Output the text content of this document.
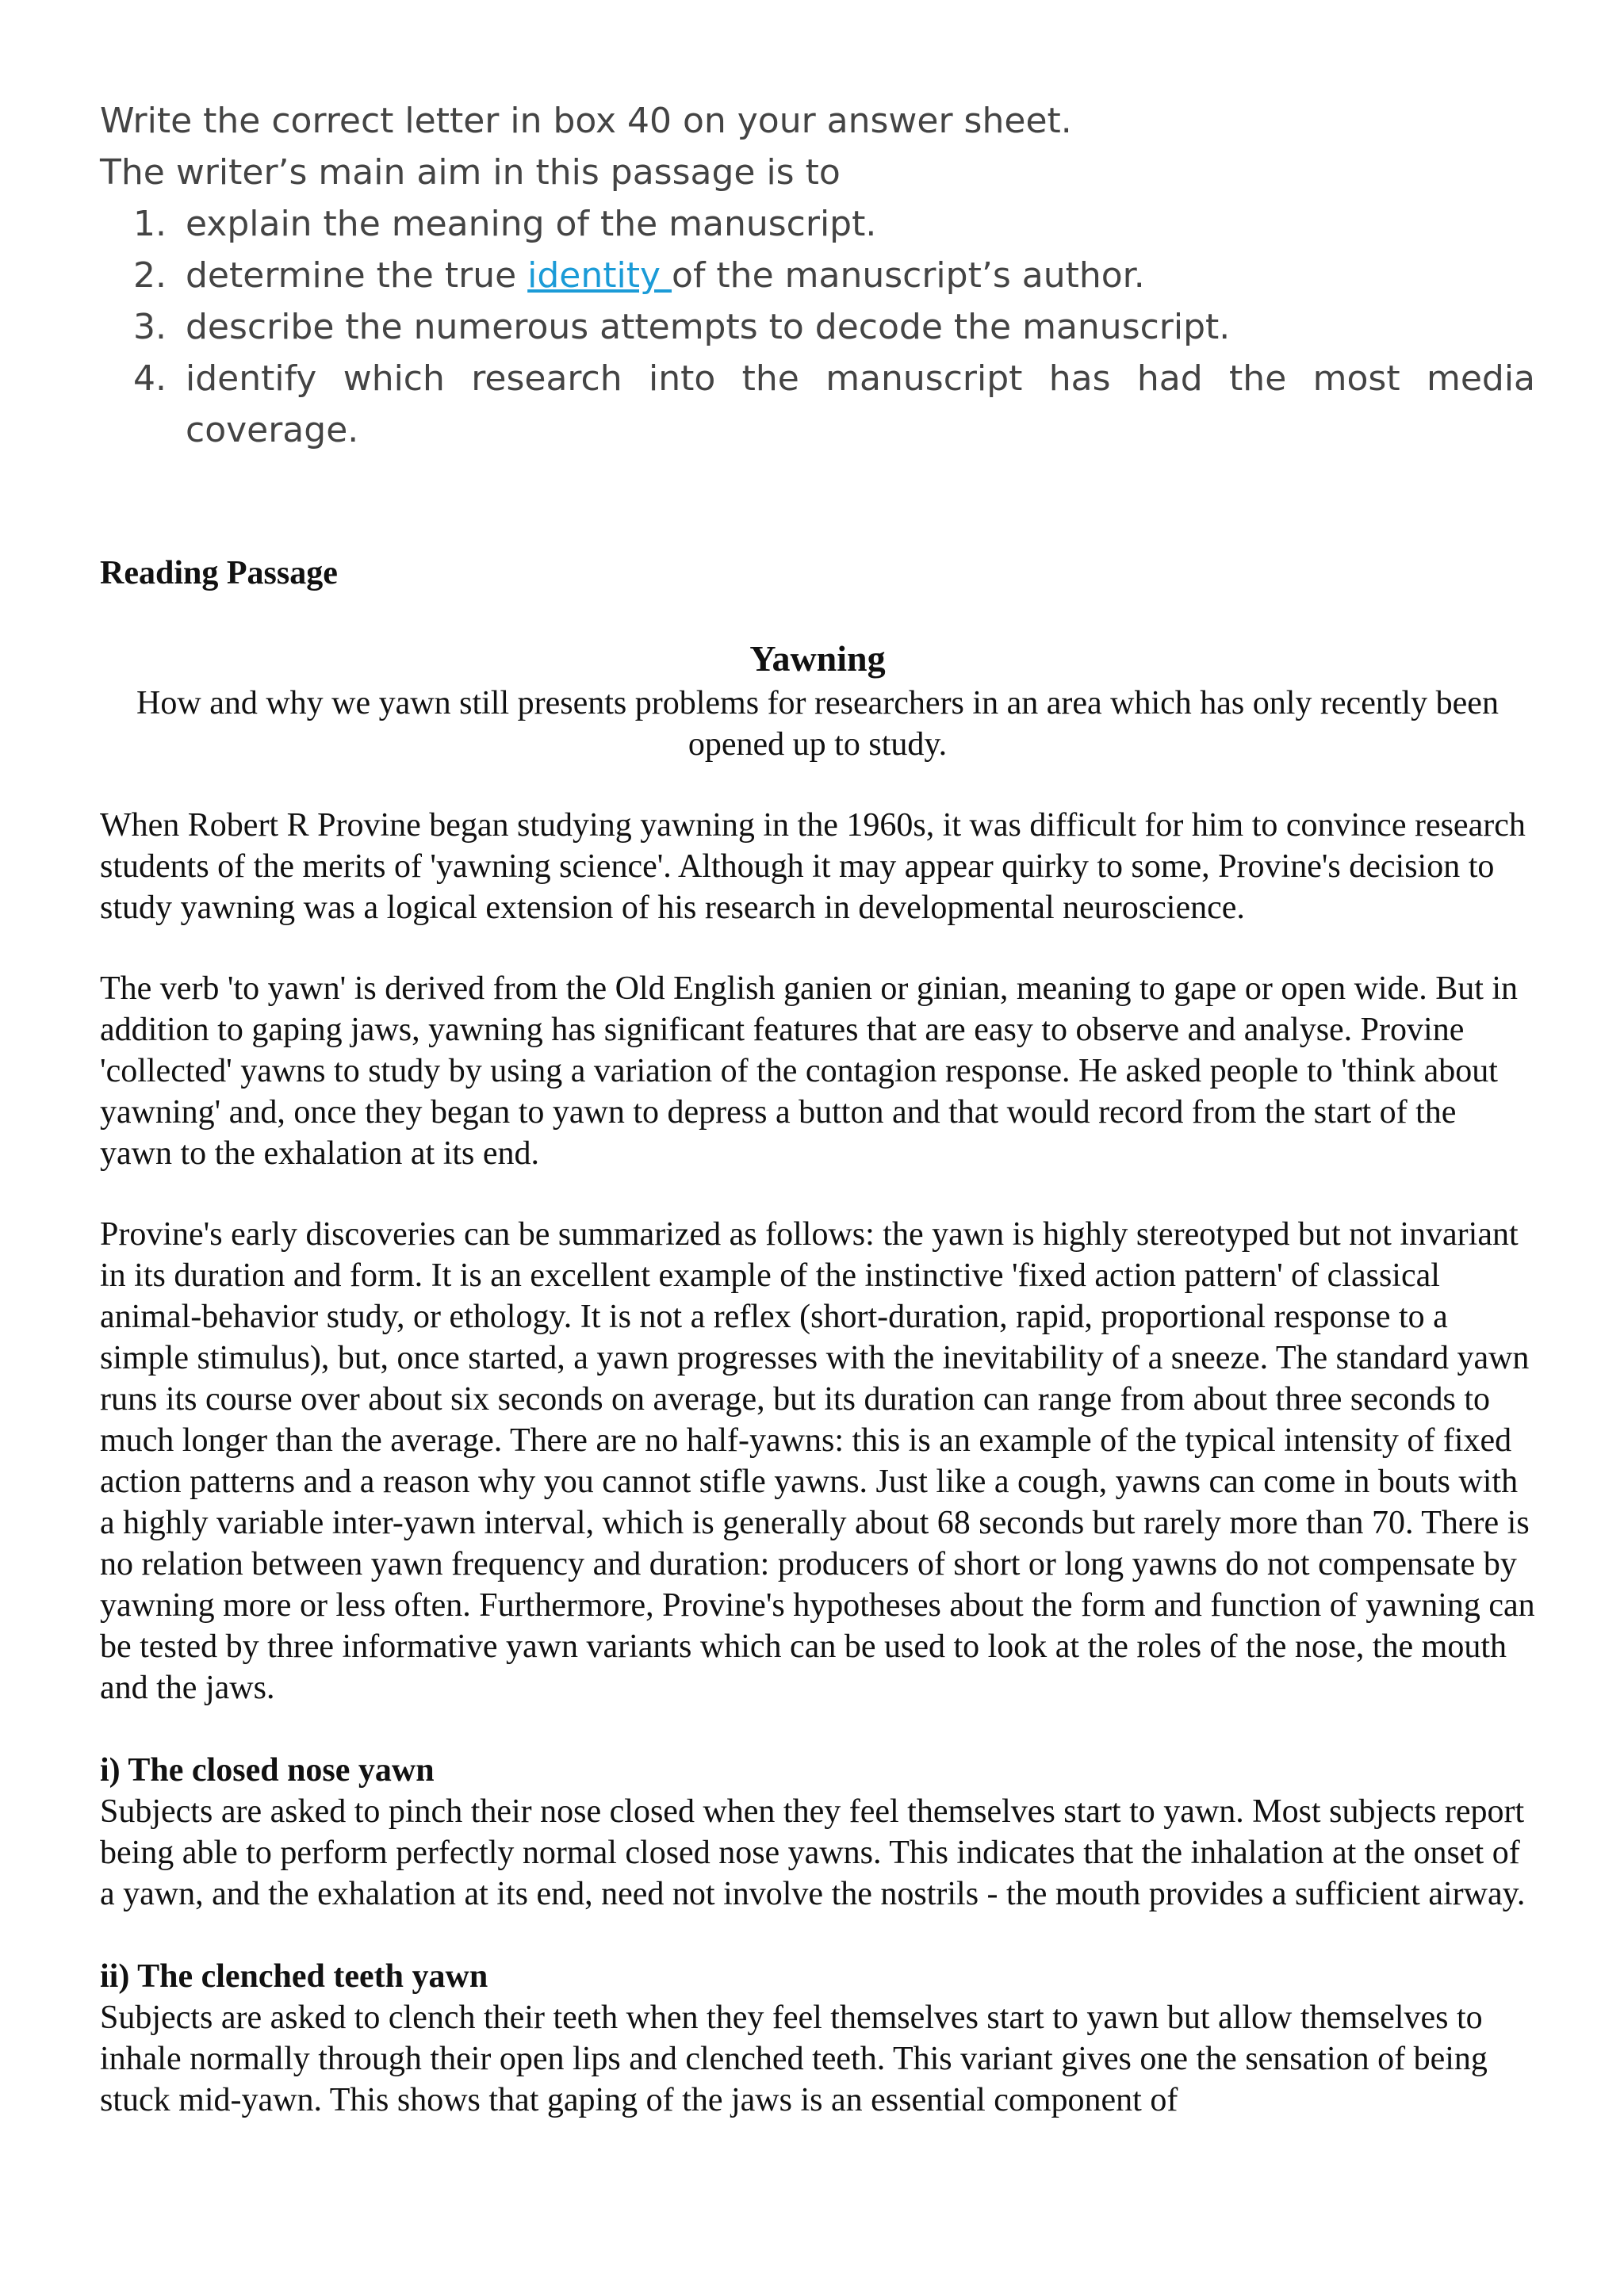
Write the correct letter in box 40 on your answer sheet.

The writer’s main aim in this passage is to

1. explain the meaning of the manuscript.
2. determine the true identity of the manuscript’s author.
3. describe the numerous attempts to decode the manuscript.
4. identify which research into the manuscript has had the most media coverage.

Reading Passage

Yawning

How and why we yawn still presents problems for researchers in an area which has only recently been opened up to study.

When Robert R Provine began studying yawning in the 1960s, it was difficult for him to convince research students of the merits of 'yawning science'. Although it may appear quirky to some, Provine's decision to study yawning was a logical extension of his research in developmental neuroscience.

The verb 'to yawn' is derived from the Old English ganien or ginian, meaning to gape or open wide. But in addition to gaping jaws, yawning has significant features that are easy to observe and analyse. Provine 'collected' yawns to study by using a variation of the contagion response. He asked people to 'think about yawning' and, once they began to yawn to depress a button and that would record from the start of the yawn to the exhalation at its end.

Provine's early discoveries can be summarized as follows: the yawn is highly stereotyped but not invariant in its duration and form. It is an excellent example of the instinctive 'fixed action pattern' of classical animal-behavior study, or ethology. It is not a reflex (short-duration, rapid, proportional response to a simple stimulus), but, once started, a yawn progresses with the inevitability of a sneeze. The standard yawn runs its course over about six seconds on average, but its duration can range from about three seconds to much longer than the average. There are no half-yawns: this is an example of the typical intensity of fixed action patterns and a reason why you cannot stifle yawns. Just like a cough, yawns can come in bouts with a highly variable inter-yawn interval, which is generally about 68 seconds but rarely more than 70. There is no relation between yawn frequency and duration: producers of short or long yawns do not compensate by yawning more or less often. Furthermore, Provine's hypotheses about the form and function of yawning can be tested by three informative yawn variants which can be used to look at the roles of the nose, the mouth and the jaws.

i) The closed nose yawn

Subjects are asked to pinch their nose closed when they feel themselves start to yawn. Most subjects report being able to perform perfectly normal closed nose yawns. This indicates that the inhalation at the onset of a yawn, and the exhalation at its end, need not involve the nostrils - the mouth provides a sufficient airway.

ii) The clenched teeth yawn

Subjects are asked to clench their teeth when they feel themselves start to yawn but allow themselves to inhale normally through their open lips and clenched teeth. This variant gives one the sensation of being stuck mid-yawn. This shows that gaping of the jaws is an essential component of
